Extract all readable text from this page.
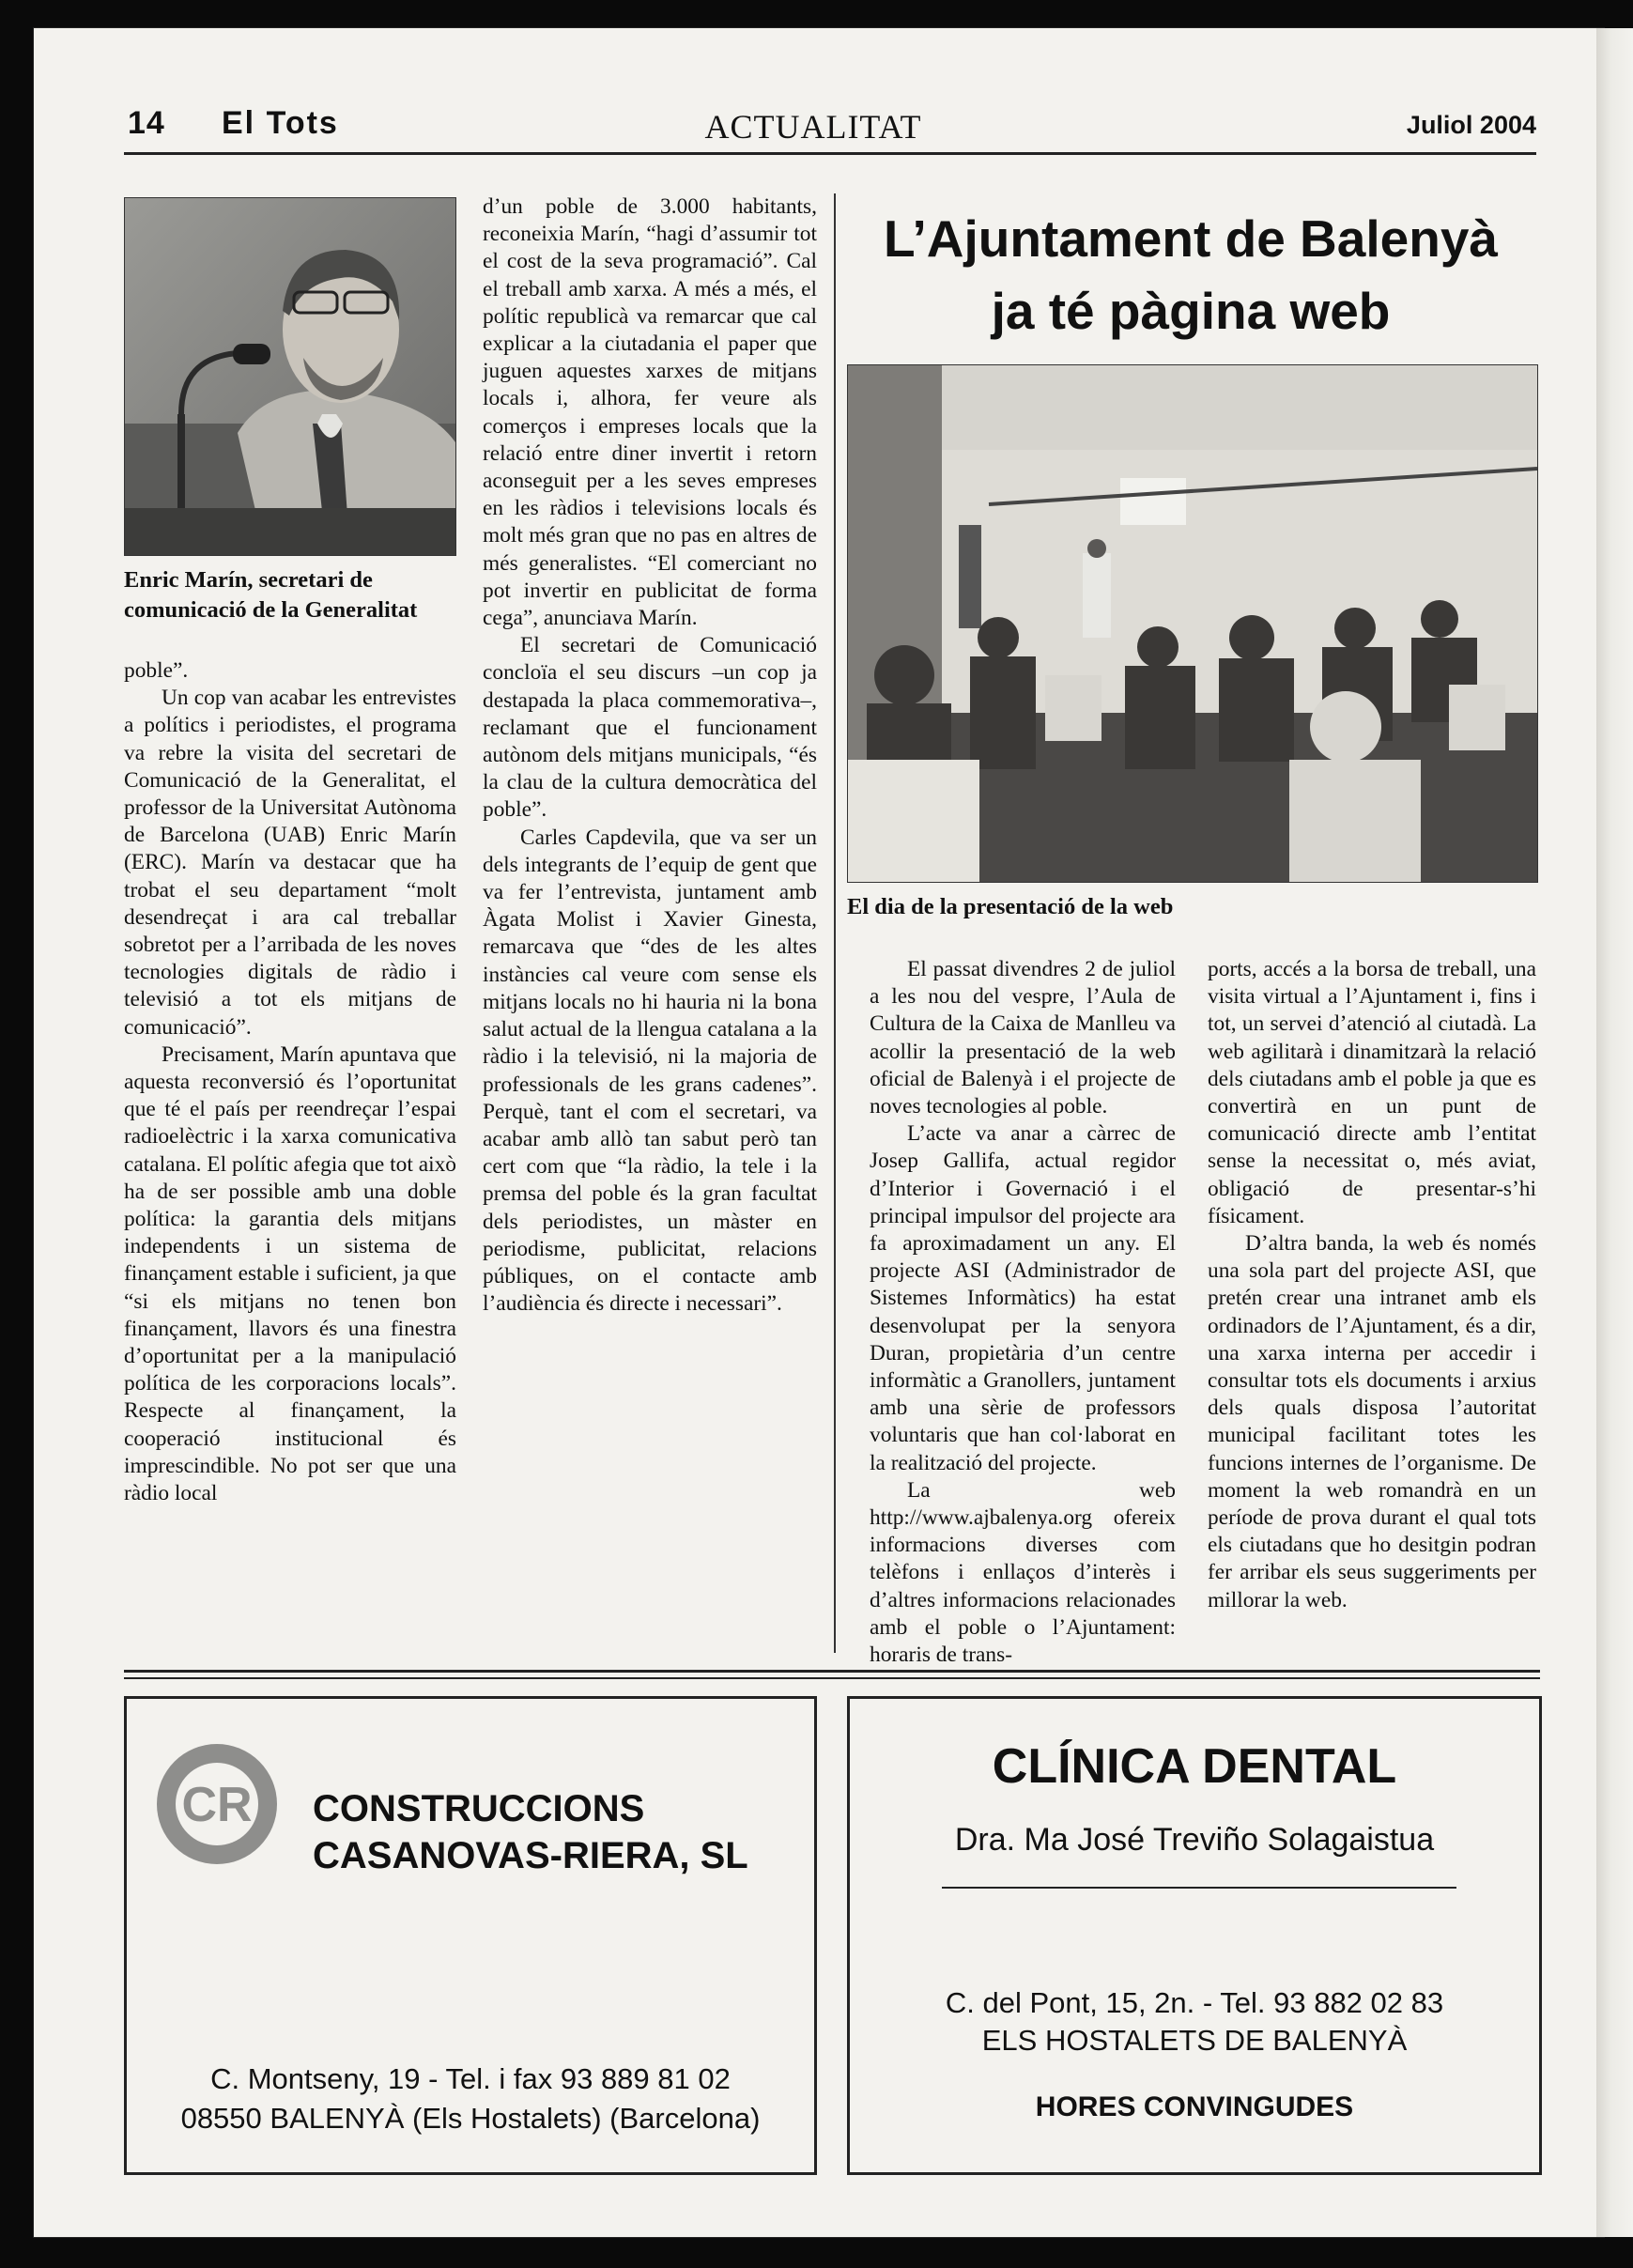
14 El Tots	ACTUALITAT	Juliol 2004
Enric Marín, secretari de
comunicació de la Generalitat

poble”.

Un cop van acabar les entrevistes a polítics i periodistes, el programa va rebre la visita del secretari de Comunicació de la Generalitat, el professor de la Universitat Autònoma de Barcelona (UAB) Enric Marín (ERC). Marín va destacar que ha trobat el seu departament “molt desendreçat i ara cal treballar sobretot per a l’arribada de les noves tecnologies digitals de ràdio i televisió a tot els mitjans de comunicació”.

Precisament, Marín apuntava que aquesta reconversió és l’oportunitat que té el país per reendreçar l’espai radioelèctric i la xarxa comunicativa catalana. El polític afegia que tot això ha de ser possible amb una doble política: la garantia dels mitjans independents i un sistema de finançament estable i suficient, ja que “si els mitjans no tenen bon finançament, llavors és una finestra d’oportunitat per a la manipulació política de les corporacions locals”. Respecte al finançament, la cooperació institucional és imprescindible. No pot ser que una ràdio local

d’un poble de 3.000 habitants, reconeixia Marín, “hagi d’assumir tot el cost de la seva programació”. Cal el treball amb xarxa. A més a més, el polític republicà va remarcar que cal explicar a la ciutadania el paper que juguen aquestes xarxes de mitjans locals i, alhora, fer veure als comerços i empreses locals que la relació entre diner invertit i retorn aconseguit per a les seves empreses en les ràdios i televisions locals és molt més gran que no pas en altres de més generalistes. “El comerciant no pot invertir en publicitat de forma cega”, anunciava Marín.

El secretari de Comunicació concloïa el seu discurs –un cop ja destapada la placa commemorativa–, reclamant que el funcionament autònom dels mitjans municipals, “és la clau de la cultura democràtica del poble”.

Carles Capdevila, que va ser un dels integrants de l’equip de gent que va fer l’entrevista, juntament amb Àgata Molist i Xavier Ginesta, remarcava que “des de les altes instàncies cal veure com sense els mitjans locals no hi hauria ni la bona salut actual de la llengua catalana a la ràdio i la televisió, ni la majoria de professionals de les grans cadenes”. Perquè, tant el com el secretari, va acabar amb allò tan sabut però tan cert com que “la ràdio, la tele i la premsa del poble és la gran facultat dels periodistes, un màster en periodisme, publicitat, relacions públiques, on el contacte amb l’audiència és directe i necessari”.

L’Ajuntament de Balenyà
ja té pàgina web
El dia de la presentació de la web

El passat divendres 2 de juliol a les nou del vespre, l’Aula de Cultura de la Caixa de Manlleu va acollir la presentació de la web oficial de Balenyà i el projecte de noves tecnologies al poble.

L’acte va anar a càrrec de Josep Gallifa, actual regidor d’Interior i Governació i el principal impulsor del projecte ara fa aproximadament un any. El projecte ASI (Administrador de Sistemes Informàtics) ha estat desenvolupat per la senyora Duran, propietària d’un centre informàtic a Granollers, juntament amb una sèrie de professors voluntaris que han col·laborat en la realització del projecte.

La web http://www.ajbalenya.org ofereix informacions diverses com telèfons i enllaços d’interès i d’altres informacions relacionades amb el poble o l’Ajuntament: horaris de trans-

ports, accés a la borsa de treball, una visita virtual a l’Ajuntament i, fins i tot, un servei d’atenció al ciutadà. La web agilitarà i dinamitzarà la relació dels ciutadans amb el poble ja que es convertirà en un punt de comunicació directe amb l’entitat sense la necessitat o, més aviat, obligació de presentar-s’hi físicament.

D’altra banda, la web és només una sola part del projecte ASI, que pretén crear una intranet amb els ordinadors de l’Ajuntament, és a dir, una xarxa interna per accedir i consultar tots els documents i arxius dels quals disposa l’autoritat municipal facilitant totes les funcions internes de l’organisme. De moment la web romandrà en un període de prova durant el qual tots els ciutadans que ho desitgin podran fer arribar els seus suggeriments per millorar la web.

CR CONSTRUCCIONS
CASANOVAS-RIERA, SL
C. Montseny, 19 - Tel. i fax 93 889 81 02
08550 BALENYÀ (Els Hostalets) (Barcelona)
CLÍNICA DENTAL
Dra. Ma José Treviño Solagaistua
C. del Pont, 15, 2n. - Tel. 93 882 02 83
ELS HOSTALETS DE BALENYÀ
HORES CONVINGUDES
